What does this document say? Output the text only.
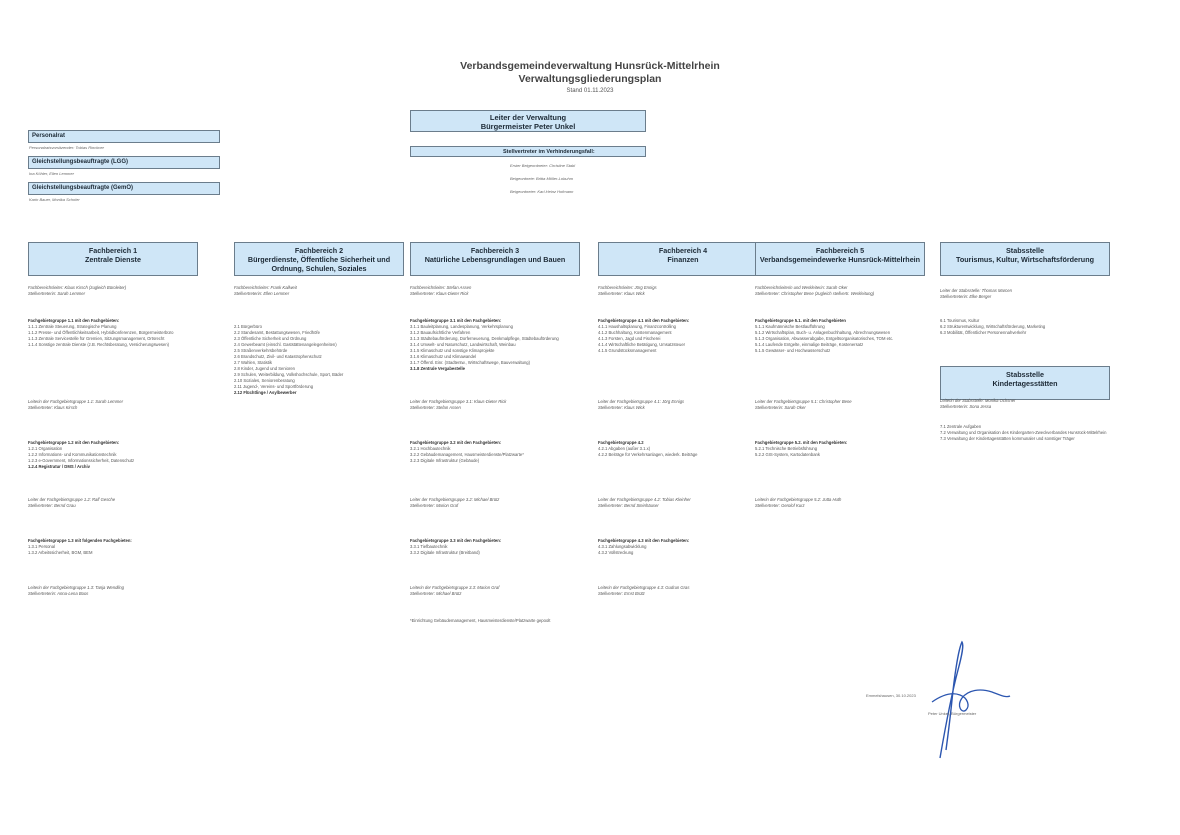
Verbandsgemeindeverwaltung Hunsrück-Mittelrhein
Verwaltungsgliederungsplan
Stand 01.11.2023
Leiter der Verwaltung
Bürgermeister Peter Unkel
Stellvertreter im Verhinderungsfall:
Erster Beigeordneter: Christine Stabl
Beigeordnete: Britta Möller-Lobuhm
Beigeordneter: Karl-Heinz Hofmann
Personalrat
Personalratsvorsitzender: Tobias Rinckner
Gleichstellungsbeauftragte (LGG)
Ina Köhler, Ellen Lemmer
Gleichstellungsbeauftragte (GemO)
Karin Bauer, Monika Scholer
Fachbereich 1
Zentrale Dienste
Fachbereichsleiter: Klaus Kirsch (zugleich Büroleiter)
Stellvertreterin: Sarah Lemmer
Fachgebietsgruppe 1.1 mit den Fachgebieten:
1.1.1 Zentrale Steuerung, Strategische Planung
1.1.2 Presse- und Öffentlichkeitsarbeit, Hybridkonferenzen, Bürgermeisterbüro
1.1.3 Zentrale Servicestelle für Gremien, Sitzungsmanagement, Ortsrecht
1.1.4 Sonstige zentrale Dienste (z.B. Rechtsberatung, Versicherungswesen)
Leiterin der Fachgebietsgruppe 1.1: Sarah Lemmer
Stellvertreter: Klaus Kirsch
Fachgebietsgruppe 1.2 mit den Fachgebieten:
1.2.1 Organisation
1.2.2 Informations- und Kommunikationstechnik
1.2.3 e-Government, Informationssicherheit, Datenschutz
1.2.4 Registratur / DMS / Archiv
Leiter der Fachgebietsgruppe 1.2: Ralf Gesche
Stellvertreter: Bernd Grau
Fachgebietsgruppe 1.3 mit folgenden Fachgebieten:
1.3.1 Personal
1.3.2 Arbeitssicherheit, BGM, BEM
Leiterin der Fachgebietsgruppe 1.3: Tanja Wendling
Stellvertreterin: Anna-Lena Boos
Fachbereich 2
Bürgerdienste, Öffentliche Sicherheit und Ordnung, Schulen, Soziales
Fachbereichsleiter: Frank Kallweit
Stellvertreterin: Ellen Lemmer
2.1 Bürgerbüro
2.2 Standesamt, Bestattungswesen, Friedhöfe
2.3 Öffentliche Sicherheit und Ordnung
2.4 Gewerbeamt (einschl. Gaststättenangelegenheiten)
2.5 Straßenverkehrsbehörde
2.6 Brandschutz, Zivil- und Katastrophenschutz
2.7 Wahlen, Statistik
2.8 Kinder, Jugend und Senioren
2.9 Schulen, Weiterbildung, Volkshochschule, Sport, Bäder
2.10 Soziales, Seniorenberatung
2.11 Jugend-, Vereins- und Sportförderung
2.12 Flüchtlinge / Asylbewerber
Fachbereich 3
Natürliche Lebensgrundlagen und Bauen
Fachbereichsleiter: Stefan Assen
Stellvertreter: Klaus-Dieter Rick
Fachgebietsgruppe 3.1 mit den Fachgebieten:
3.1.1 Bauleitplanung, Landesplanung, Verkehrsplanung
3.1.2 Bauaufsichtliche Verfahren
3.1.3 Städtebauförderung, Dorferneuerung, Denkmalpflege, Städtebauförderung
3.1.4 Umwelt- und Naturschutz, Landwirtschaft, Weinbau
3.1.5 Klimaschutz und sonstige Klimaprojekte
3.1.6 Klimaschutz und Klimawandel
3.1.7 Öffentl. Einr. (Stadtentw., Wirtschaftswege, Bauverwaltung)
3.1.8 Zentrale Vergabestelle
Leiter der Fachgebietsgruppe 3.1: Klaus-Dieter Rick
Stellvertreter: Stefan Assen
Fachgebietsgruppe 3.2 mit den Fachgebieten:
3.2.1 Hochbautechnik
3.2.2 Gebäudemanagement, Hausmeisterdienste/Platzwarte*
3.2.3 Digitale Infrastruktur (Gebäude)
Leiter der Fachgebietsgruppe 3.2: Michael Brütz
Stellvertreter: Marion Graf
Fachgebietsgruppe 3.3 mit den Fachgebieten:
3.3.1 Tiefbautechnik
3.3.2 Digitale Infrastruktur (Breitband)
Leiterin der Fachgebietsgruppe 3.3: Marion Graf
Stellvertreter: Michael Brütz
*Einrichtung Gebäudemanagement, Hausmeisterdienste/Platzwarte gepoolt
Fachbereich 4
Finanzen
Fachbereichsleiter: Jörg Ennigs
Stellvertreter: Klaus Wick
Fachgebietsgruppe 4.1 mit den Fachgebieten:
4.1.1 Haushaltsplanung, Finanzcontrolling
4.1.2 Buchhaltung, Kostenmanagement
4.1.3 Forsten, Jagd und Fischerei
4.1.4 Wirtschaftliche Betätigung, Umsatzsteuer
4.1.5 Grundstücksmanagement
Leiter der Fachgebietsgruppe 4.1: Jörg Ennigs
Stellvertreter: Klaus Wick
Fachgebietsgruppe 4.2
4.2.1 Abgaben (außer 3.1.x)
4.2.2 Beiträge für Verkehrsanlagen, wiederk. Beiträge
Leiter der Fachgebietsgruppe 4.2: Tobias Kleinher
Stellvertreter: Bernd Steinhäuser
Fachgebietsgruppe 4.3 mit den Fachgebieten:
4.3.1 Zahlungsabwicklung
4.3.2 Vollstreckung
Leiterin der Fachgebietsgruppe 4.3: Gudrun Gras
Stellvertreter: Ernst Brütz
Fachbereich 5
Verbandsgemeindewerke Hunsrück-Mittelrhein
Fachbereichsleiterin und Werkleiterin: Sarah Oker
Stellvertreter: Christopher Bene (zugleich stellvertr. Werkleitung)
Fachgebietsgruppe 5.1. mit den Fachgebieten
5.1.1 Kaufmännische Bestlaufführung
5.1.2 Wirtschaftsplan, Buch- u. Anlagenbuchhaltung, Abrechnungswesen
5.1.3 Organisation, Abwasserabgabe, Entgeltsorganisatorisches, TOM etc.
5.1.4 Laufende Entgelte, einmalige Beiträge, Kostenersatz
5.1.5 Gewässer- und Hochwasserschutz
Leiter der Fachgebietsgruppe 5.1: Christopher Bene
Stellvertreterin: Sarah Oker
Fachgebietsgruppe 5.2. mit den Fachgebieten:
5.2.1 Technische Betriebsführung
5.2.2 GIS-System, Kartodatenbank
Leiterin der Fachgebietsgruppe 5.2: Jutta Huth
Stellvertreter: Gerolof Kurz
Stabsstelle
Tourismus, Kultur, Wirtschaftsförderung
Leiter der Stabsstelle: Thomas Marcen
Stellvertreterin: Elke Berger
6.1 Tourismus, Kultur
6.2 Strukturentwicklung, Wirtschaftsförderung, Marketing
6.3 Mobilität, Öffentlicher Personennahverkehr
Stabsstelle
Kindertagesstätten
Leiterin der Stabsstelle: Monika Ochsner
Stellvertreterin: Sona Jessa
7.1 Zentrale Aufgaben
7.2 Verwaltung und Organisation des Kindergarten-Zweckverbandes Hunsrück-Mittelrhein
7.3 Verwaltung der Kindertagesstätten kommunaler und sonstiger Träger
Emmelshausen, 30.10.2023
Peter Unkel, Bürgermeister
